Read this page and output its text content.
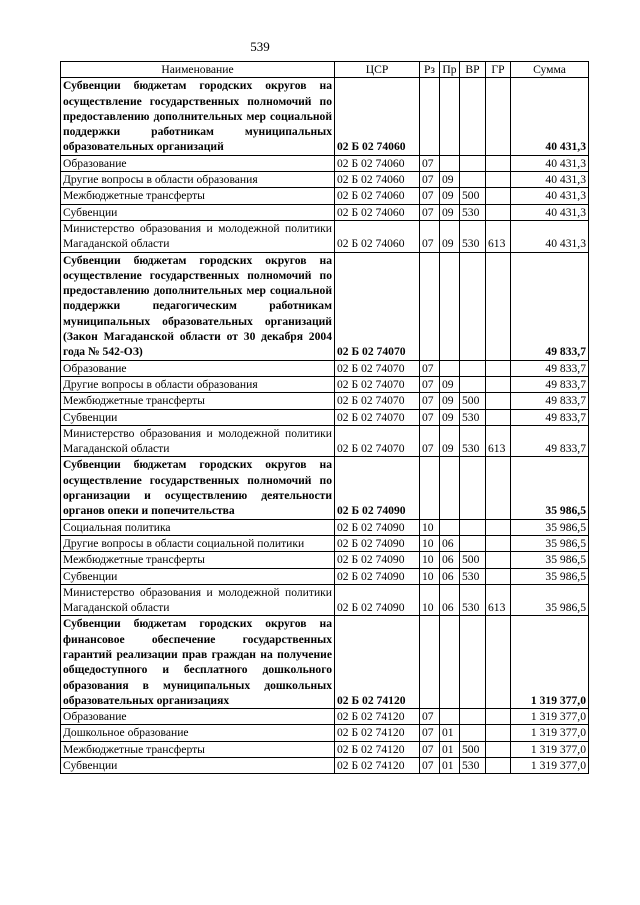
539
Наименование	ЦСР	Рз	Пр	ВР	ГР	Сумма
Субвенции бюджетам городских округов на осуществление государственных полномочий по предоставлению дополнительных мер социальной поддержки работникам муниципальных образовательных организаций	02 Б 02 74060					40 431,3
Образование	02 Б 02 74060	07				40 431,3
Другие вопросы в области образования	02 Б 02 74060	07	09			40 431,3
Межбюджетные трансферты	02 Б 02 74060	07	09	500		40 431,3
Субвенции	02 Б 02 74060	07	09	530		40 431,3
Министерство образования и молодежной политики Магаданской области	02 Б 02 74060	07	09	530	613	40 431,3
Субвенции бюджетам городских округов на осуществление государственных полномочий по предоставлению дополнительных мер социальной поддержки педагогическим работникам муниципальных образовательных организаций (Закон Магаданской области от 30 декабря 2004 года № 542-ОЗ)	02 Б 02 74070					49 833,7
Образование	02 Б 02 74070	07				49 833,7
Другие вопросы в области образования	02 Б 02 74070	07	09			49 833,7
Межбюджетные трансферты	02 Б 02 74070	07	09	500		49 833,7
Субвенции	02 Б 02 74070	07	09	530		49 833,7
Министерство образования и молодежной политики Магаданской области	02 Б 02 74070	07	09	530	613	49 833,7
Субвенции бюджетам городских округов на осуществление государственных полномочий по организации и осуществлению деятельности органов опеки и попечительства	02 Б 02 74090					35 986,5
Социальная политика	02 Б 02 74090	10				35 986,5
Другие вопросы в области социальной политики	02 Б 02 74090	10	06			35 986,5
Межбюджетные трансферты	02 Б 02 74090	10	06	500		35 986,5
Субвенции	02 Б 02 74090	10	06	530		35 986,5
Министерство образования и молодежной политики Магаданской области	02 Б 02 74090	10	06	530	613	35 986,5
Субвенции бюджетам городских округов на финансовое обеспечение государственных гарантий реализации прав граждан на получение общедоступного и бесплатного дошкольного образования в муниципальных дошкольных образовательных организациях	02 Б 02 74120					1 319 377,0
Образование	02 Б 02 74120	07				1 319 377,0
Дошкольное образование	02 Б 02 74120	07	01			1 319 377,0
Межбюджетные трансферты	02 Б 02 74120	07	01	500		1 319 377,0
Субвенции	02 Б 02 74120	07	01	530		1 319 377,0
